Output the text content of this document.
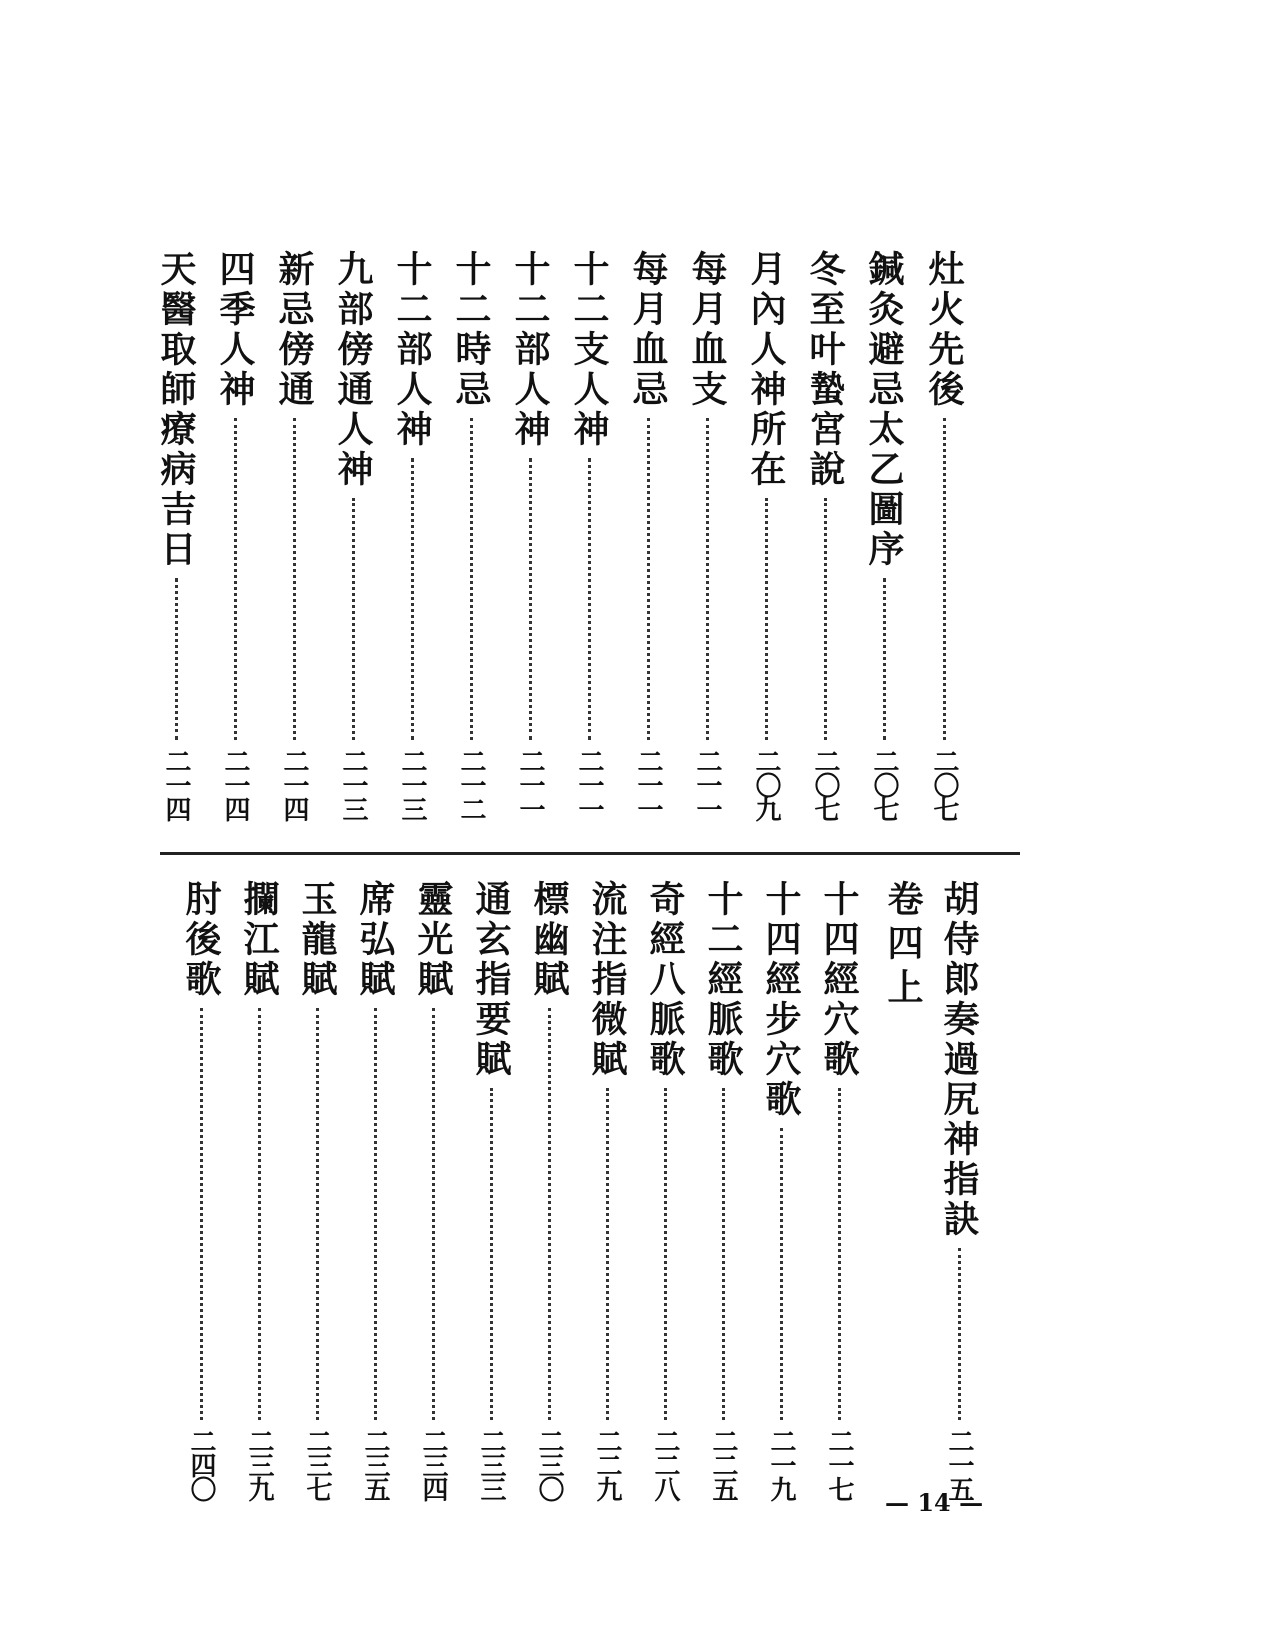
灶火先後
二〇七
鍼灸避忌太乙圖序
二〇七
冬至叶蟄宮說
二〇七
月內人神所在
二〇九
每月血支
二一一
每月血忌
二一一
十二支人神
二一一
十二部人神
二一一
十二時忌
二一二
十二部人神
二一三
九部傍通人神
二一三
新忌傍通
二一四
四季人神
二一四
天醫取師療病吉日
二一四
卷四上 胡侍郎奏過尻神指訣
二一五
十四經穴歌
二一七
十四經步穴歌
二一九
十二經脈歌
二二五
奇經八脈歌
二二八
流注指微賦
二二九
標幽賦
二三〇
通玄指要賦
二三三
靈光賦
二三四
席弘賦
二三五
玉龍賦
二三七
攔江賦
二三九
肘後歌
二四〇
— 14 —
